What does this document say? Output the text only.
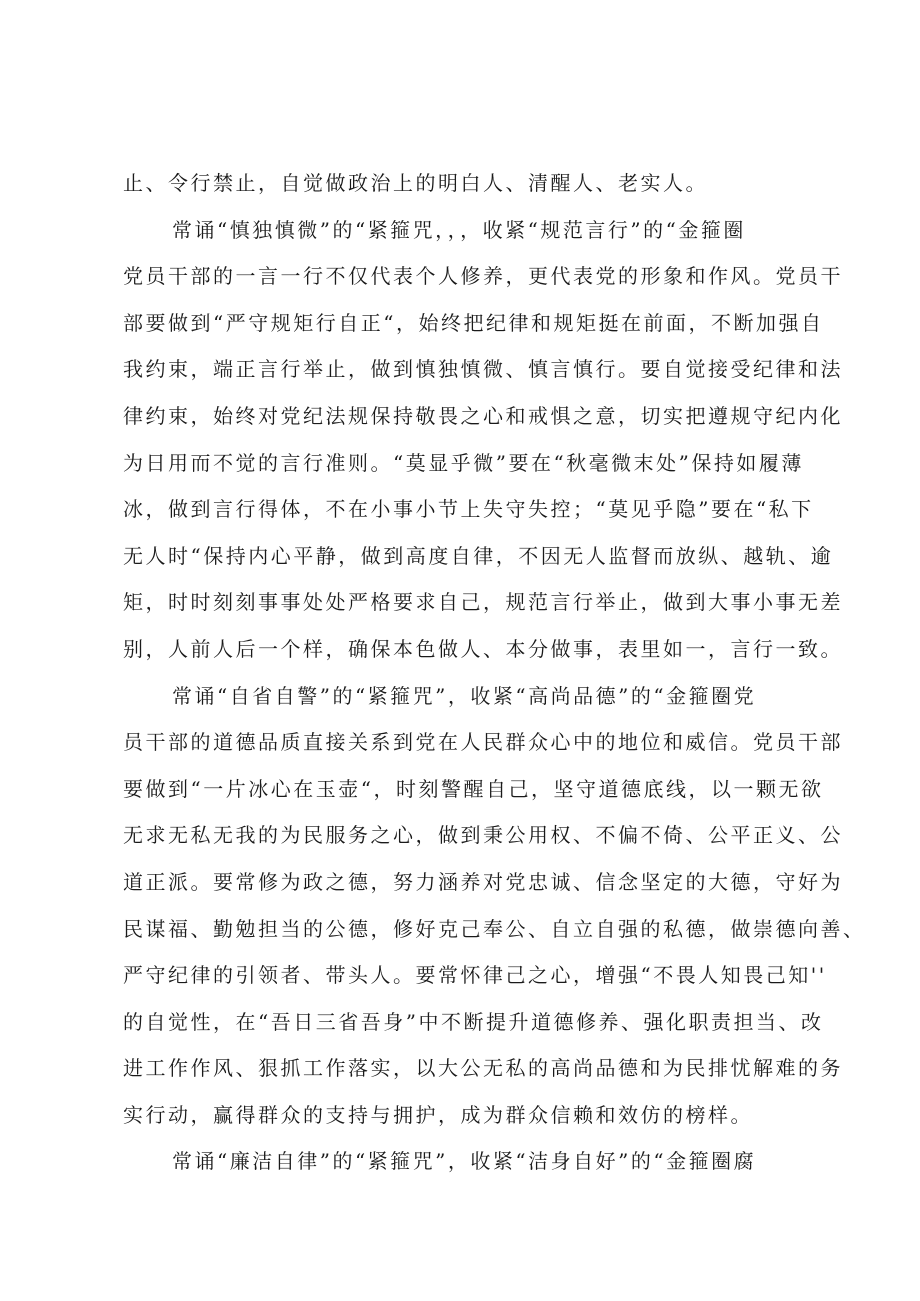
止、令行禁止，自觉做政治上的明白人、清醒人、老实人。
常诵“慎独慎微”的“紧箍咒，，，收紧“规范言行”的“金箍圈
党员干部的一言一行不仅代表个人修养，更代表党的形象和作风。党员干
部要做到“严守规矩行自正“，始终把纪律和规矩挺在前面，不断加强自
我约束，端正言行举止，做到慎独慎微、慎言慎行。要自觉接受纪律和法
律约束，始终对党纪法规保持敬畏之心和戒惧之意，切实把遵规守纪内化
为日用而不觉的言行准则。“莫显乎微”要在“秋毫微末处”保持如履薄
冰，做到言行得体，不在小事小节上失守失控；“莫见乎隐”要在“私下
无人时“保持内心平静，做到高度自律，不因无人监督而放纵、越轨、逾
矩，时时刻刻事事处处严格要求自己，规范言行举止，做到大事小事无差
别，人前人后一个样，确保本色做人、本分做事，表里如一，言行一致。
常诵“自省自警”的“紧箍咒”，收紧“高尚品德”的“金箍圈党
员干部的道德品质直接关系到党在人民群众心中的地位和威信。党员干部
要做到“一片冰心在玉壶“，时刻警醒自己，坚守道德底线，以一颗无欲
无求无私无我的为民服务之心，做到秉公用权、不偏不倚、公平正义、公
道正派。要常修为政之德，努力涵养对党忠诚、信念坚定的大德，守好为
民谋福、勤勉担当的公德，修好克己奉公、自立自强的私德，做崇德向善、
严守纪律的引领者、带头人。要常怀律己之心，增强“不畏人知畏己知''
的自觉性，在“吾日三省吾身”中不断提升道德修养、强化职责担当、改
进工作作风、狠抓工作落实，以大公无私的高尚品德和为民排忧解难的务
实行动，赢得群众的支持与拥护，成为群众信赖和效仿的榜样。
常诵“廉洁自律”的“紧箍咒”，收紧“洁身自好”的“金箍圈腐
